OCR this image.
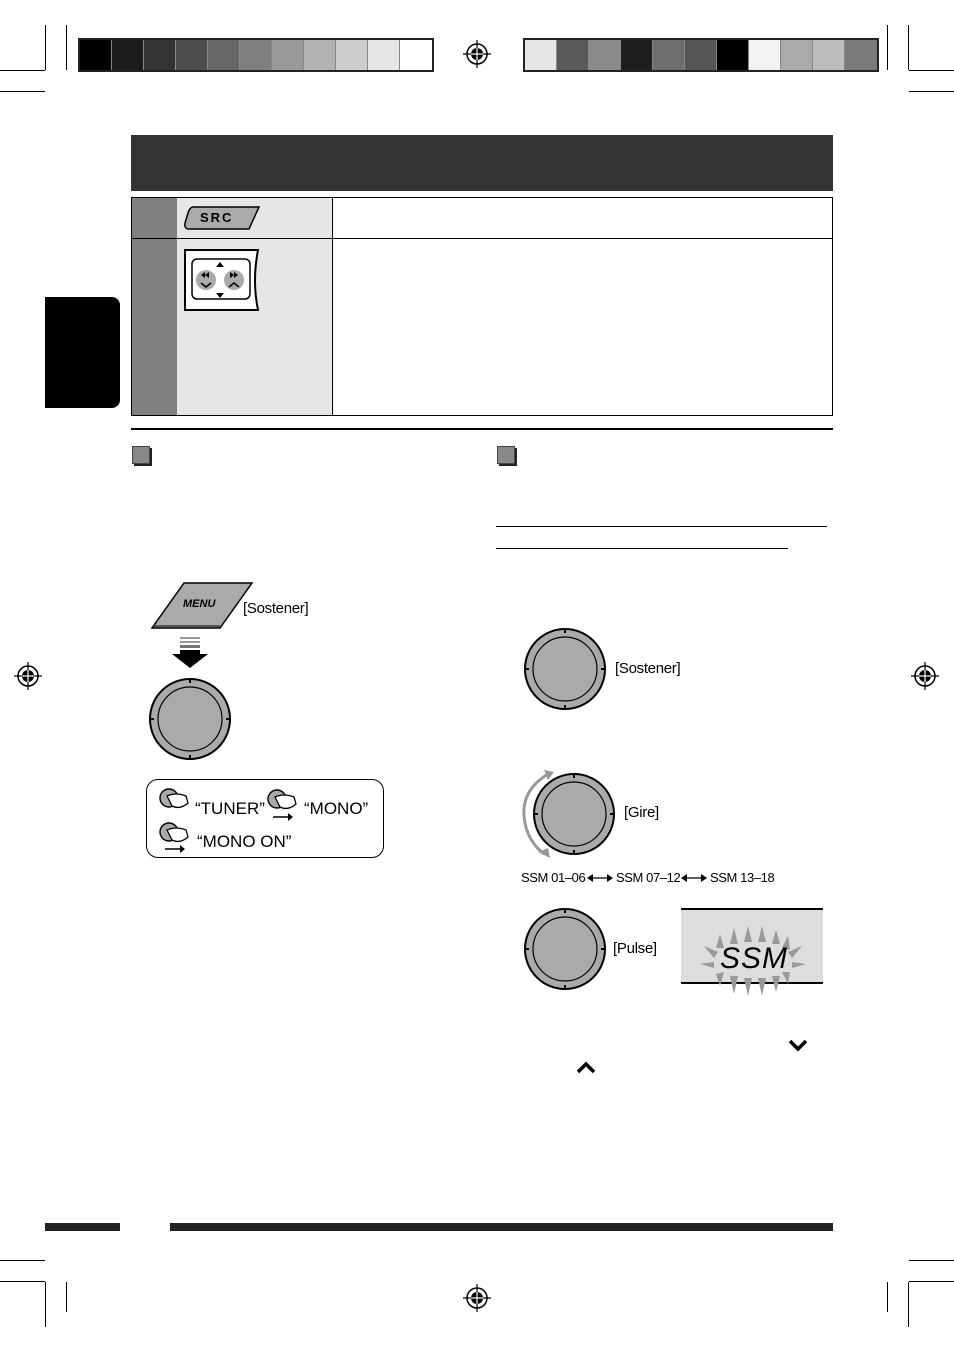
SRC
MENU [Sostener]
“TUNER” “MONO”
“MONO ON”
[Sostener]
[Gire]
SSM 01–06 SSM 07–12 SSM 13–18
[Pulse] SSM
